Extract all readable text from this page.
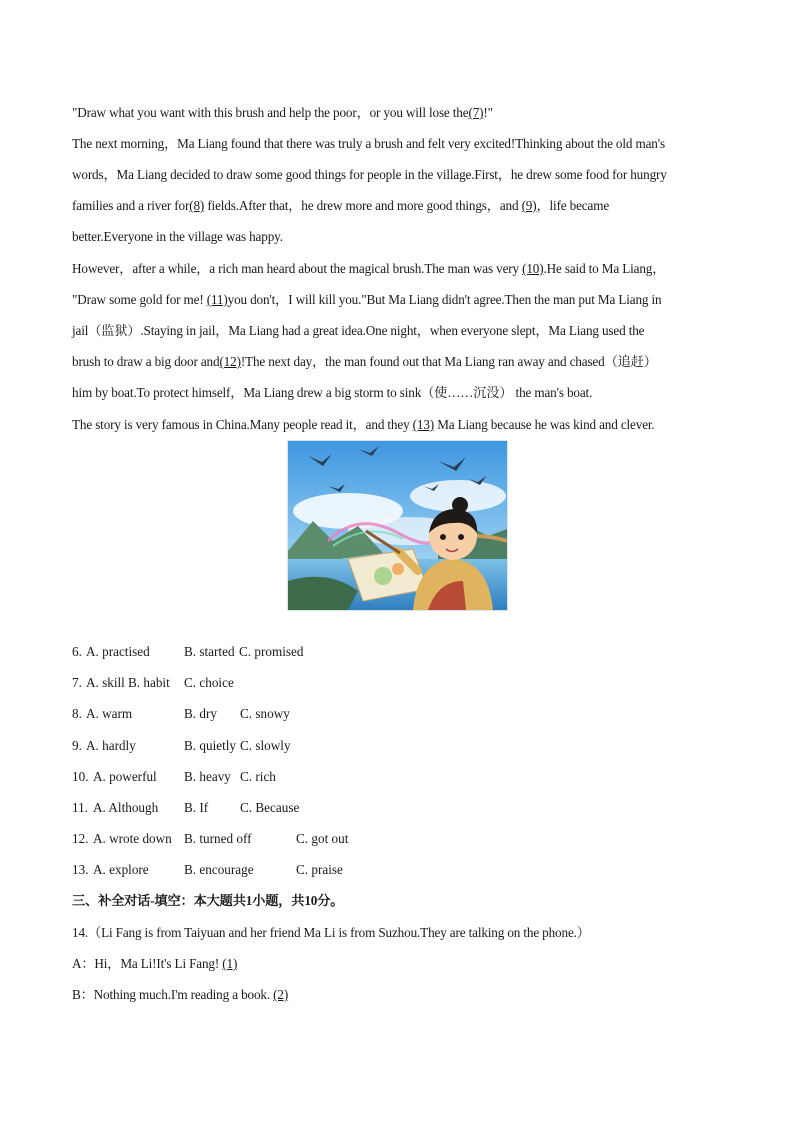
"Draw what you want with this brush and help the poor，or you will lose the(7)!"
The next morning，Ma Liang found that there was truly a brush and felt very excited!Thinking about the old man's
words，Ma Liang decided to draw some good things for people in the village.First，he drew some food for hungry
families and a river for(8) fields.After that，he drew more and more good things，and (9)，life became
better.Everyone in the village was happy.
However，after a while，a rich man heard about the magical brush.The man was very (10).He said to Ma Liang，
"Draw some gold for me! (11)you don't，I will kill you."But Ma Liang didn't agree.Then the man put Ma Liang in
jail（监狱）.Staying in jail，Ma Liang had a great idea.One night，when everyone slept，Ma Liang used the
brush to draw a big door and(12)!The next day，the man found out that Ma Liang ran away and chased（追赶）
him by boat.To protect himself，Ma Liang drew a big storm to sink（使……沉没） the man's boat.
The story is very famous in China.Many people read it，and they (13) Ma Liang because he was kind and clever.
6. A. practised	B. started C. promised
7. A. skill B. habit C. choice
8. A. warm	B. dry C. snowy
9. A. hardly	B. quietly C. slowly
10. A. powerful B. heavy C. rich
11. A. Although B. If C. Because
12. A. wrote down B. turned off	C. got out
13. A. explore	B. encourage	C. praise
三、补全对话-填空：本大题共1小题，共10分。
14.（Li Fang is from Taiyuan and her friend Ma Li is from Suzhou.They are talking on the phone.）
A：Hi，Ma Li!It's Li Fang! (1)
B：Nothing much.I'm reading a book. (2)
